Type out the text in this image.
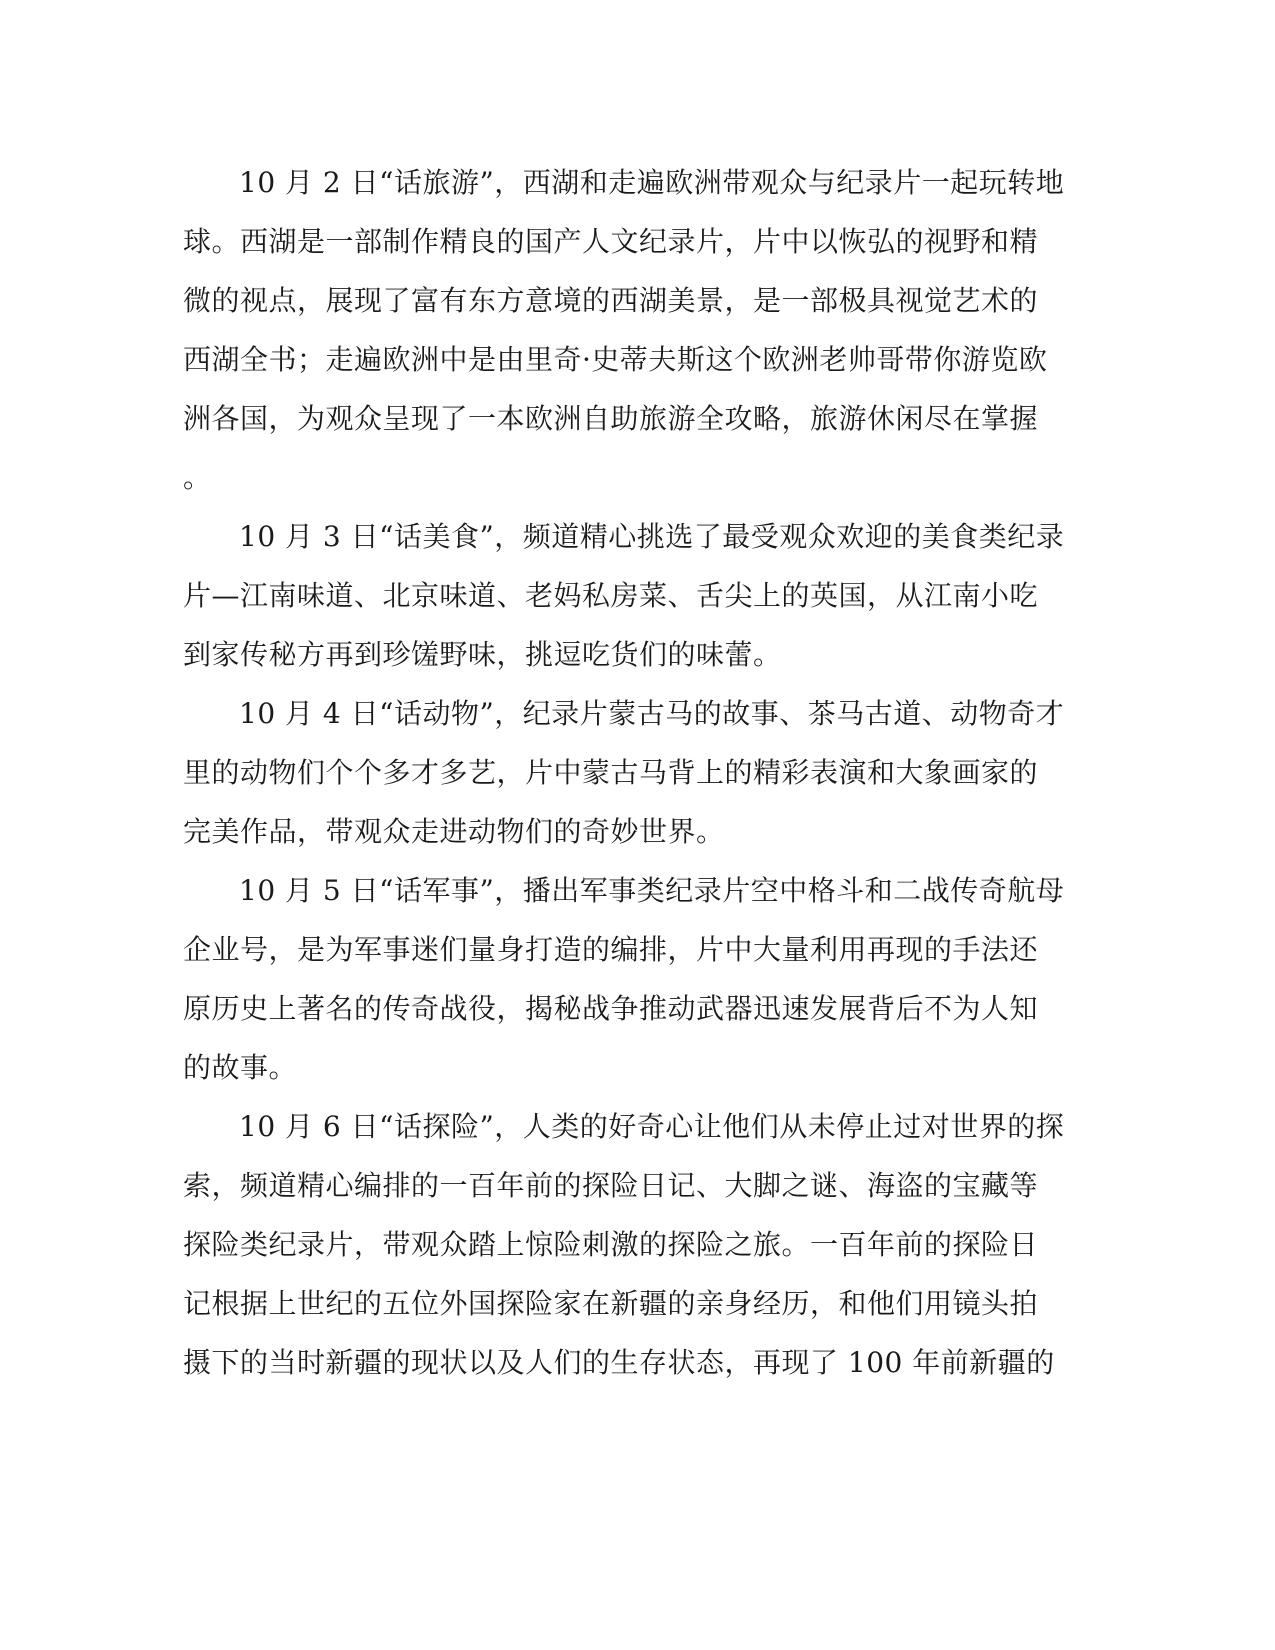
10 月 2 日“话旅游”，西湖和走遍欧洲带观众与纪录片一起玩转地
球。西湖是一部制作精良的国产人文纪录片，片中以恢弘的视野和精
微的视点，展现了富有东方意境的西湖美景，是一部极具视觉艺术的
西湖全书；走遍欧洲中是由里奇·史蒂夫斯这个欧洲老帅哥带你游览欧
洲各国，为观众呈现了一本欧洲自助旅游全攻略，旅游休闲尽在掌握
。

10 月 3 日“话美食”，频道精心挑选了最受观众欢迎的美食类纪录
片—江南味道、北京味道、老妈私房菜、舌尖上的英国，从江南小吃
到家传秘方再到珍馐野味，挑逗吃货们的味蕾。

10 月 4 日“话动物”，纪录片蒙古马的故事、茶马古道、动物奇才
里的动物们个个多才多艺，片中蒙古马背上的精彩表演和大象画家的
完美作品，带观众走进动物们的奇妙世界。

10 月 5 日“话军事”，播出军事类纪录片空中格斗和二战传奇航母
企业号，是为军事迷们量身打造的编排，片中大量利用再现的手法还
原历史上著名的传奇战役，揭秘战争推动武器迅速发展背后不为人知
的故事。

10 月 6 日“话探险”，人类的好奇心让他们从未停止过对世界的探
索，频道精心编排的一百年前的探险日记、大脚之谜、海盗的宝藏等
探险类纪录片，带观众踏上惊险刺激的探险之旅。一百年前的探险日
记根据上世纪的五位外国探险家在新疆的亲身经历，和他们用镜头拍
摄下的当时新疆的现状以及人们的生存状态，再现了 100 年前新疆的
